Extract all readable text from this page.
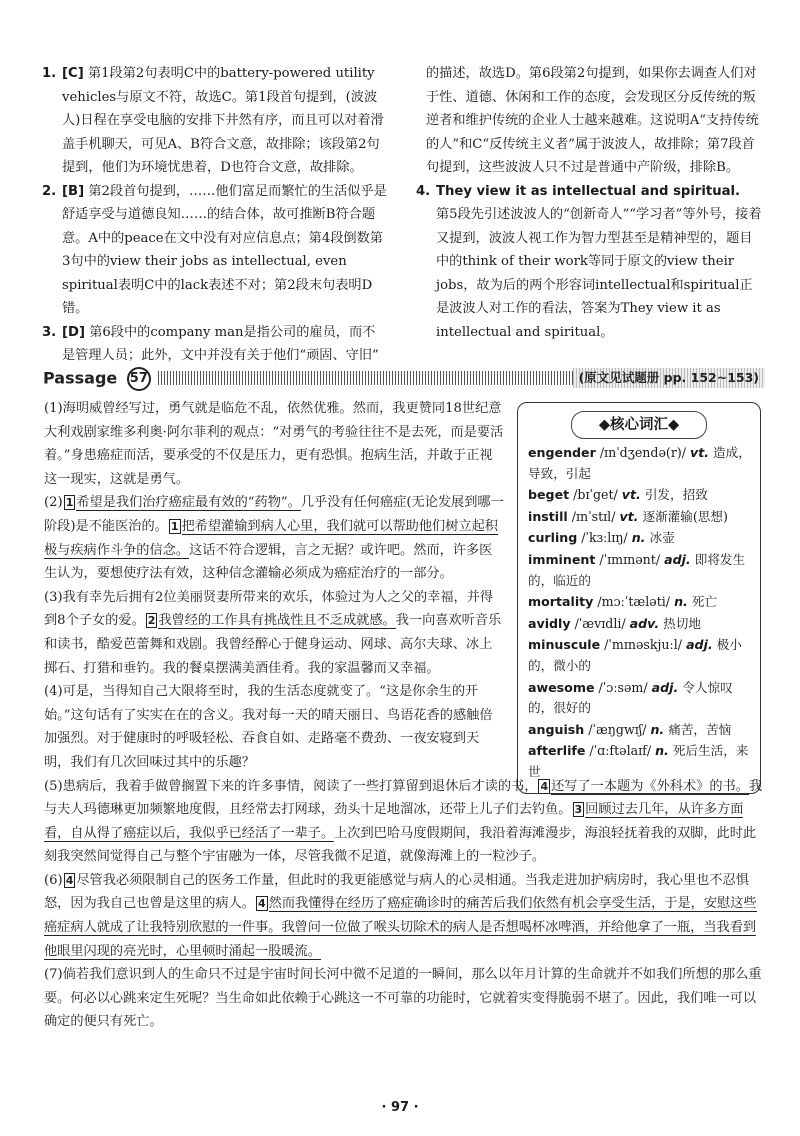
1. [C] 第1段第2句表明C中的battery-powered utility vehicles与原文不符，故选C。第1段首句提到，(波波人)日程在享受电脑的安排下井然有序，而且可以对着滑盖手机聊天，可见A、B符合文意，故排除；该段第2句提到，他们为环境忧患着，D也符合文意，故排除。
2. [B] 第2段首句提到，……他们富足而繁忙的生活似乎是舒适享受与道德良知……的结合体，故可推断B符合题意。A中的peace在文中没有对应信息点；第4段倒数第3句中的view their jobs as intellectual, even spiritual表明C中的lack表述不对；第2段末句表明D错。
3. [D] 第6段中的company man是指公司的雇员，而不是管理人员；此外，文中并没有关于他们“顽固、守旧”
的描述，故选D。第6段第2句提到，如果你去调查人们对于性、道德、休闲和工作的态度，会发现区分反传统的叛逆者和维护传统的企业人士越来越难。这说明A“支持传统的人”和C“反传统主义者”属于波波人，故排除；第7段首句提到，这些波波人只不过是普通中产阶级，排除B。
4. They view it as intellectual and spiritual.
第5段先引述波波人的“创新奇人”“学习者”等外号，接着又提到，波波人视工作为智力型甚至是精神型的，题目中的think of their work等同于原文的view their jobs，故为后的两个形容词intellectual和spiritual正是波波人对工作的看法，答案为They view it as intellectual and spiritual。
Passage 57	(原文见试题册 pp. 152~153)
◆核心词汇◆
engender /ɪnˈdʒendə(r)/ vt. 造成，导致，引起
beget /bɪˈget/ vt. 引发，招致
instill /ɪnˈstɪl/ vt. 逐渐灌输(思想)
curling /ˈkɜːlɪŋ/ n. 冰壶
imminent /ˈɪmɪnənt/ adj. 即将发生的，临近的
mortality /mɔːˈtæləti/ n. 死亡
avidly /ˈævɪdli/ adv. 热切地
minuscule /ˈmɪnəskjuːl/ adj. 极小的，微小的
awesome /ˈɔːsəm/ adj. 令人惊叹的，很好的
anguish /ˈæŋgwɪʃ/ n. 痛苦，苦恼
afterlife /ˈɑːftəlaɪf/ n. 死后生活，来世

(1)海明威曾经写过，勇气就是临危不乱，依然优雅。然而，我更赞同18世纪意大利戏剧家维多利奥·阿尔菲利的观点：“对勇气的考验往往不是去死，而是要活着。”身患癌症而活，要承受的不仅是压力，更有恐惧。抱病生活，并敢于正视这一现实，这就是勇气。

(2) 1 希望是我们治疗癌症最有效的“药物”。几乎没有任何癌症(无论发展到哪一阶段)是不能医治的。 1 把希望灌输到病人心里，我们就可以帮助他们树立起积极与疾病作斗争的信念。这话不符合逻辑，言之无据？或许吧。然而，许多医生认为，要想使疗法有效，这种信念灌输必须成为癌症治疗的一部分。

(3)我有幸先后拥有2位美丽贤妻所带来的欢乐，体验过为人之父的幸福，并得到8个子女的爱。 2 我曾经的工作具有挑战性且不乏成就感。我一向喜欢听音乐和读书，酷爱芭蕾舞和戏剧。我曾经醉心于健身运动、网球、高尔夫球、冰上掷石、打猎和垂钓。我的餐桌摆满美酒佳肴。我的家温馨而又幸福。

(4)可是，当得知自己大限将至时，我的生活态度就变了。“这是你余生的开始。”这句话有了实实在在的含义。我对每一天的晴天丽日、鸟语花香的感触倍加强烈。对于健康时的呼吸轻松、吞食自如、走路毫不费劲、一夜安寝到天明，我们有几次回味过其中的乐趣？

(5)患病后，我着手做曾搁置下来的许多事情，阅读了一些打算留到退休后才读的书， 4 还写了一本题为《外科术》的书。我与夫人玛德琳更加频繁地度假，且经常去打网球，劲头十足地溜冰，还带上儿子们去钓鱼。 3 回顾过去几年，从许多方面看，自从得了癌症以后，我似乎已经活了一辈子。上次到巴哈马度假期间，我沿着海滩漫步，海浪轻抚着我的双脚，此时此刻我突然间觉得自己与整个宇宙融为一体，尽管我微不足道，就像海滩上的一粒沙子。

(6) 4 尽管我必须限制自己的医务工作量，但此时的我更能感觉与病人的心灵相通。当我走进加护病房时，我心里也不忍惧怒，因为我自己也曾是这里的病人。 4 然而我懂得在经历了癌症确诊时的痛苦后我们依然有机会享受生活，于是，安慰这些癌症病人就成了让我特别欣慰的一件事。我曾问一位做了喉头切除术的病人是否想喝杯冰啤酒，并给他拿了一瓶，当我看到他眼里闪现的亮光时，心里顿时涌起一股暖流。

(7)倘若我们意识到人的生命只不过是宇宙时间长河中微不足道的一瞬间，那么以年月计算的生命就并不如我们所想的那么重要。何必以心跳来定生死呢？当生命如此依赖于心跳这一不可靠的功能时，它就着实变得脆弱不堪了。因此，我们唯一可以确定的便只有死亡。

· 97 ·
